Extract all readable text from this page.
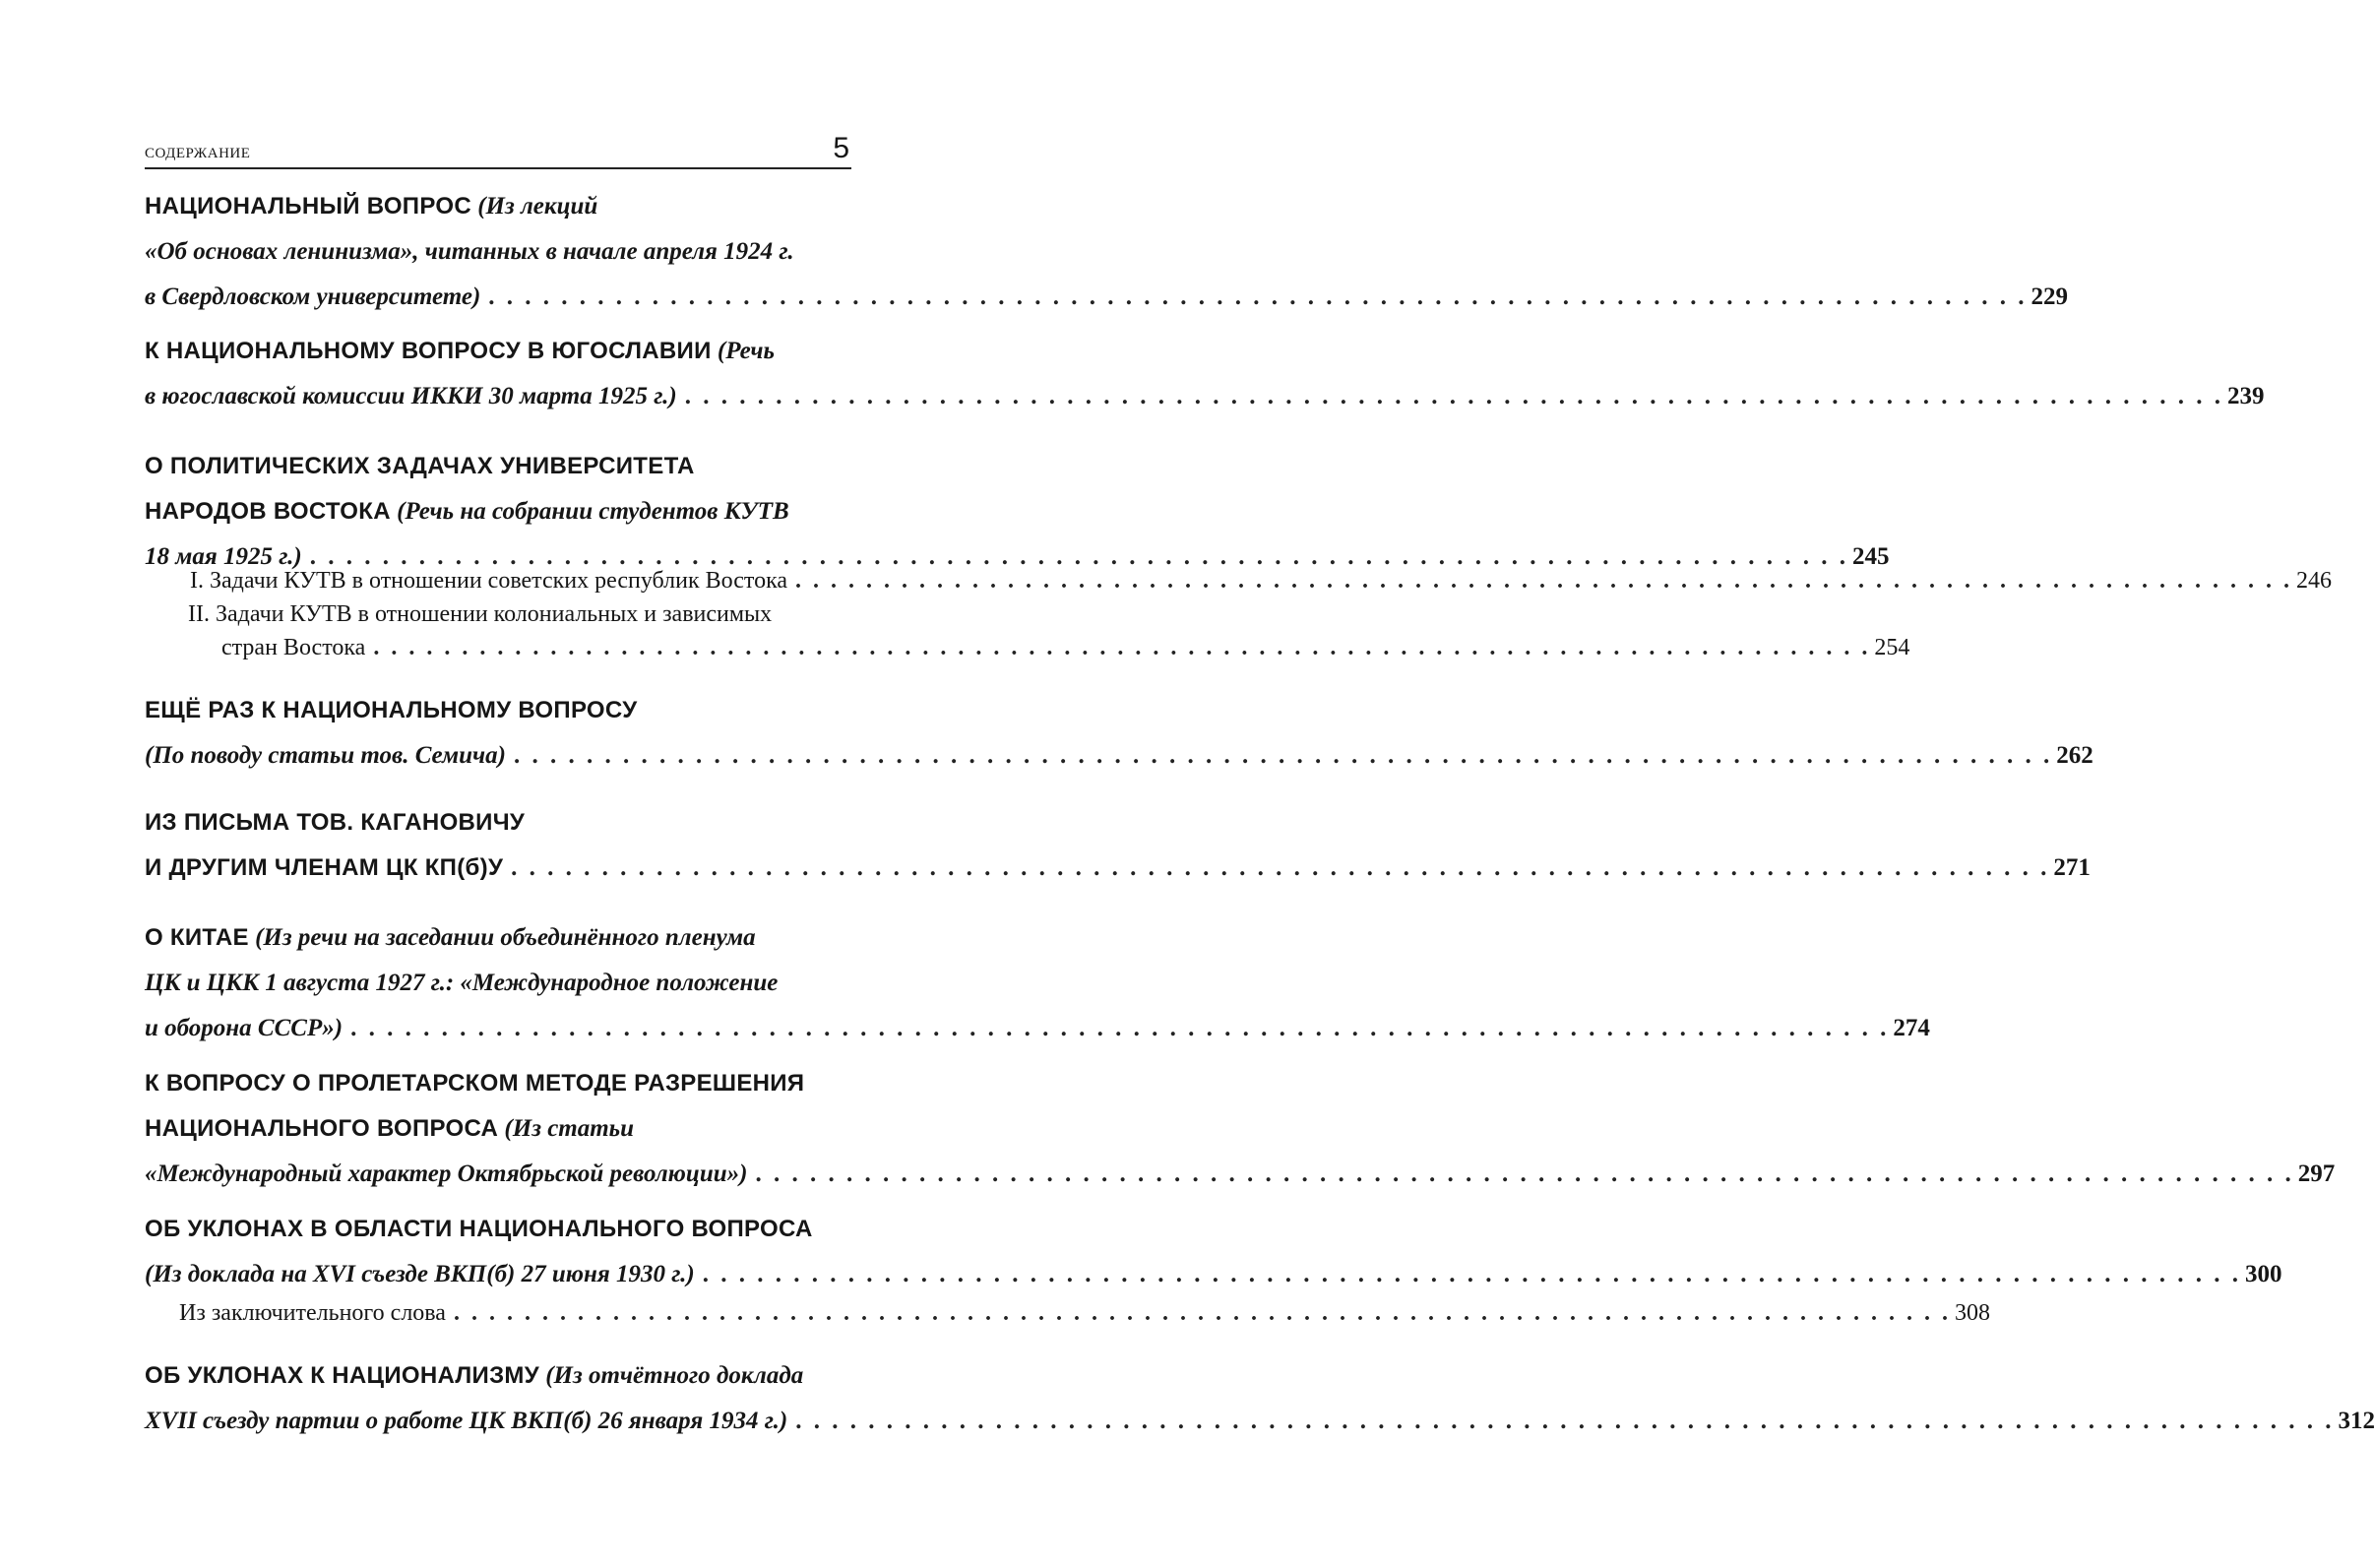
содержание	5
НАЦИОНАЛЬНЫЙ ВОПРОС (Из лекций
«Об основах ленинизма», читанных в начале апреля 1924 г.
в Свердловском университете) . . . . . . . . . . . . . . . . . . . . . . . . . . . . . . . . . . . . . . . . . . . . . . . . . . . . . . . . . . . . . . . . . . . . . . . . . . . . . . . . . . . . . 229
К НАЦИОНАЛЬНОМУ ВОПРОСУ В ЮГОСЛАВИИ (Речь
в югославской комиссии ИККИ 30 марта 1925 г.) . . . . . . . . . . . . . . . . . . . . . . . . . . . . . . . . . . . . . . . . . . . . . . . . . . . . . . . . . . . . . . . . . . . . . . . . . . . . . . . . . . . . . 239
О ПОЛИТИЧЕСКИХ ЗАДАЧАХ УНИВЕРСИТЕТА
НАРОДОВ ВОСТОКА (Речь на собрании студентов КУТВ
18 мая 1925 г.) . . . . . . . . . . . . . . . . . . . . . . . . . . . . . . . . . . . . . . . . . . . . . . . . . . . . . . . . . . . . . . . . . . . . . . . . . . . . . . . . . . . . . 245
I. Задачи КУТВ в отношении советских республик Востока . . . . . . . . . . . . . . . . . . . . . . . . . . . . . . . . . . . . . . . . . . . . . . . . . . . . . . . . . . . . . . . . . . . . . . . . . . . . . . . . . . . . . 246
II. Задачи КУТВ в отношении колониальных и зависимых
стран Востока . . . . . . . . . . . . . . . . . . . . . . . . . . . . . . . . . . . . . . . . . . . . . . . . . . . . . . . . . . . . . . . . . . . . . . . . . . . . . . . . . . . . . 254
ЕЩЁ РАЗ К НАЦИОНАЛЬНОМУ ВОПРОСУ
(По поводу статьи тов. Семича) . . . . . . . . . . . . . . . . . . . . . . . . . . . . . . . . . . . . . . . . . . . . . . . . . . . . . . . . . . . . . . . . . . . . . . . . . . . . . . . . . . . . . 262
ИЗ ПИСЬМА ТОВ. КАГАНОВИЧУ
И ДРУГИМ ЧЛЕНАМ ЦК КП(б)У . . . . . . . . . . . . . . . . . . . . . . . . . . . . . . . . . . . . . . . . . . . . . . . . . . . . . . . . . . . . . . . . . . . . . . . . . . . . . . . . . . . . . 271
О КИТАЕ (Из речи на заседании объединённого пленума
ЦК и ЦКК 1 августа 1927 г.: «Международное положение
и оборона СССР») . . . . . . . . . . . . . . . . . . . . . . . . . . . . . . . . . . . . . . . . . . . . . . . . . . . . . . . . . . . . . . . . . . . . . . . . . . . . . . . . . . . . . 274
К ВОПРОСУ О ПРОЛЕТАРСКОМ МЕТОДЕ РАЗРЕШЕНИЯ
НАЦИОНАЛЬНОГО ВОПРОСА (Из статьи
«Международный характер Октябрьской революции») . . . . . . . . . . . . . . . . . . . . . . . . . . . . . . . . . . . . . . . . . . . . . . . . . . . . . . . . . . . . . . . . . . . . . . . . . . . . . . . . . . . . . 297
ОБ УКЛОНАХ В ОБЛАСТИ НАЦИОНАЛЬНОГО ВОПРОСА
(Из доклада на XVI съезде ВКП(б) 27 июня 1930 г.) . . . . . . . . . . . . . . . . . . . . . . . . . . . . . . . . . . . . . . . . . . . . . . . . . . . . . . . . . . . . . . . . . . . . . . . . . . . . . . . . . . . . . 300
Из заключительного слова . . . . . . . . . . . . . . . . . . . . . . . . . . . . . . . . . . . . . . . . . . . . . . . . . . . . . . . . . . . . . . . . . . . . . . . . . . . . . . . . . . . . . 308
ОБ УКЛОНАХ К НАЦИОНАЛИЗМУ (Из отчётного доклада
XVII съезду партии о работе ЦК ВКП(б) 26 января 1934 г.) . . . . . . . . . . . . . . . . . . . . . . . . . . . . . . . . . . . . . . . . . . . . . . . . . . . . . . . . . . . . . . . . . . . . . . . . . . . . . . . . . . . . . 312
